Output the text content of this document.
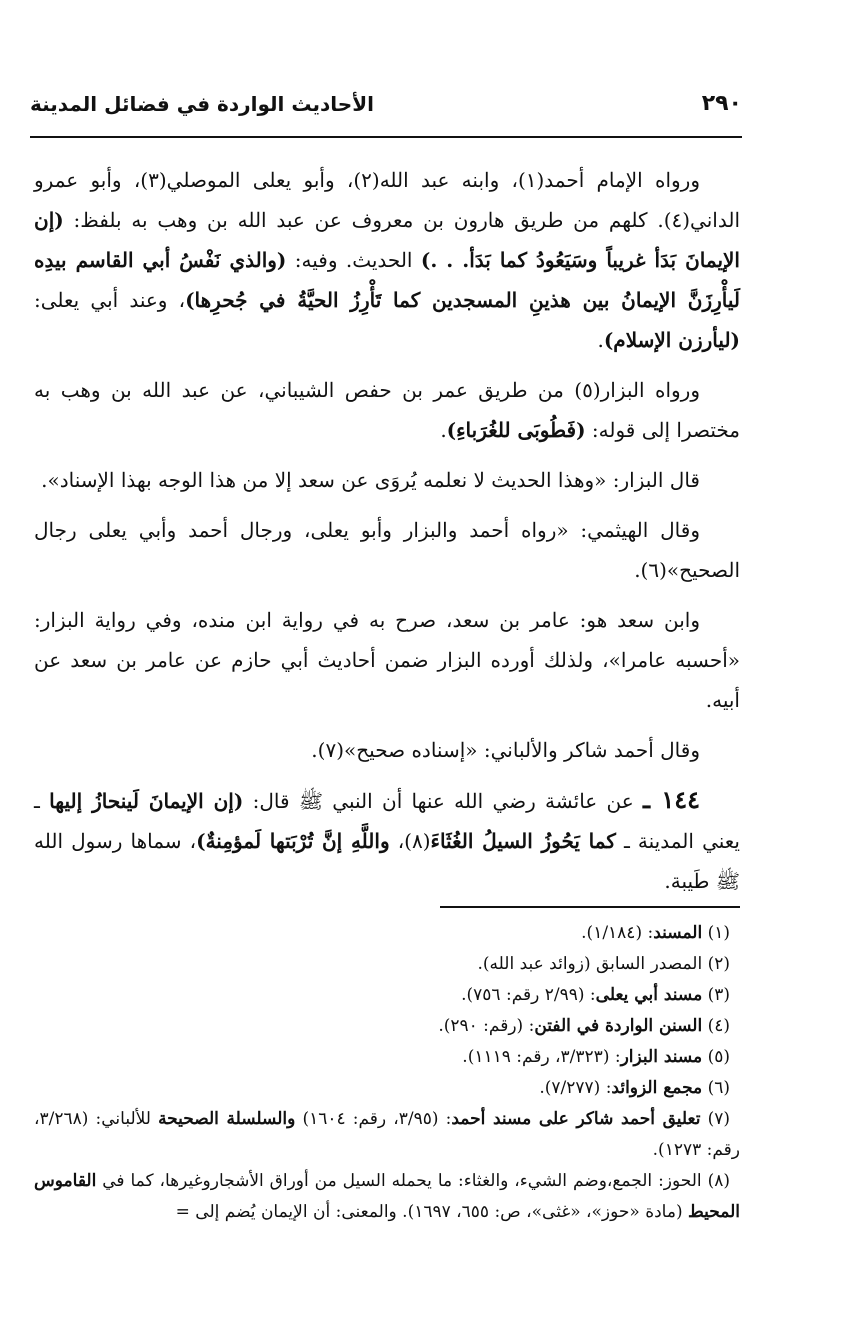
٢٩٠
الأحاديث الواردة في فضائل المدينة

ورواه الإمام أحمد(١)، وابنه عبد الله(٢)، وأبو يعلى الموصلي(٣)، وأبو عمرو الداني(٤). كلهم من طريق هارون بن معروف عن عبد الله بن وهب به بلفظ: (إن الإيمانَ بَدَأ غريباً وسَيَعُودُ كما بَدَأ. . .) الحديث. وفيه: (والذي نَفْسُ أبي القاسم بيدِه لَيأْرِزَنَّ الإيمانُ بين هذينِ المسجدين كما تَأْرِزُ الحيَّةُ في جُحرِها)، وعند أبي يعلى: (ليأرزن الإسلام).

ورواه البزار(٥) من طريق عمر بن حفص الشيباني، عن عبد الله بن وهب به مختصرا إلى قوله: (فَطُوبَى للغُرَباءِ).

قال البزار: «وهذا الحديث لا نعلمه يُروَى عن سعد إلا من هذا الوجه بهذا الإسناد».

وقال الهيثمي: «رواه أحمد والبزار وأبو يعلى، ورجال أحمد وأبي يعلى رجال الصحيح»(٦).

وابن سعد هو: عامر بن سعد، صرح به في رواية ابن منده، وفي رواية البزار: «أحسبه عامرا»، ولذلك أورده البزار ضمن أحاديث أبي حازم عن عامر بن سعد عن أبيه.

وقال أحمد شاكر والألباني: «إسناده صحيح»(٧).

١٤٤ ـ عن عائشة رضي الله عنها أن النبي ﷺ قال: (إن الإيمانَ لَينحازُ إليها ـ يعني المدينة ـ كما يَحُوزُ السيلُ الغُثَاءَ(٨)، واللَّهِ إنَّ تُرْبَتها لَمؤمِنةٌ)، سماها رسول الله ﷺ طَيبة.

(١) المسند: (١/١٨٤).

(٢) المصدر السابق (زوائد عبد الله).

(٣) مسند أبي يعلى: (٢/٩٩ رقم: ٧٥٦).

(٤) السنن الواردة في الفتن: (رقم: ٢٩٠).

(٥) مسند البزار: (٣/٣٢٣، رقم: ١١١٩).

(٦) مجمع الزوائد: (٧/٢٧٧).

(٧) تعليق أحمد شاكر على مسند أحمد: (٣/٩٥، رقم: ١٦٠٤) والسلسلة الصحيحة للألباني: (٣/٢٦٨، رقم: ١٢٧٣).

(٨) الحوز: الجمع،وضم الشيء، والغثاء: ما يحمله السيل من أوراق الأشجاروغيرها، كما في القاموس المحيط (مادة «حوز»، «غثى»، ص: ٦٥٥، ١٦٩٧). والمعنى: أن الإيمان يُضم إلى =
